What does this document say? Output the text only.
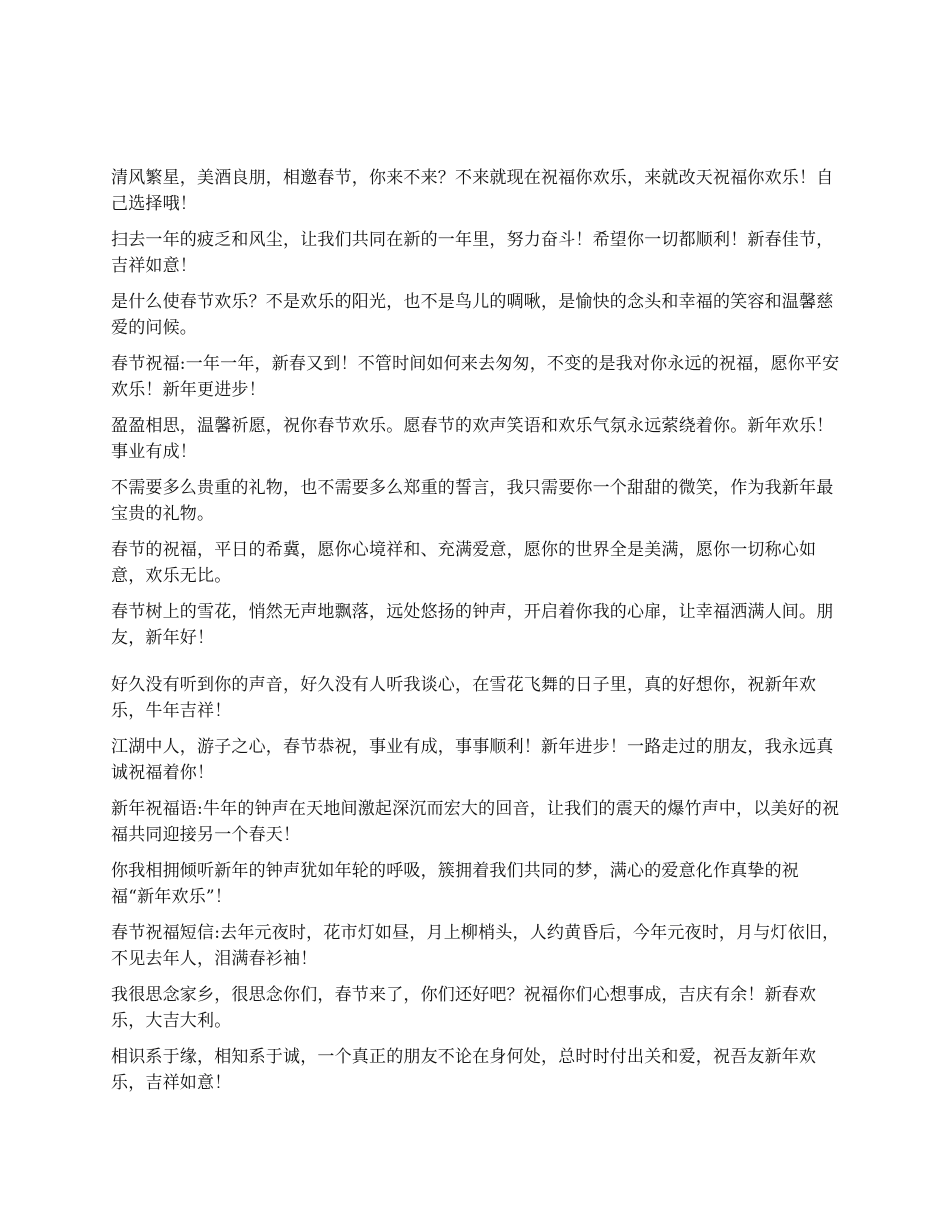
清风繁星，美酒良朋，相邀春节，你来不来？不来就现在祝福你欢乐，来就改天祝福你欢乐！自己选择哦！

扫去一年的疲乏和风尘，让我们共同在新的一年里，努力奋斗！希望你一切都顺利！新春佳节，吉祥如意！

是什么使春节欢乐？不是欢乐的阳光，也不是鸟儿的啁啾，是愉快的念头和幸福的笑容和温馨慈爱的问候。

春节祝福:一年一年，新春又到！不管时间如何来去匆匆，不变的是我对你永远的祝福，愿你平安欢乐！新年更进步！

盈盈相思，温馨祈愿，祝你春节欢乐。愿春节的欢声笑语和欢乐气氛永远萦绕着你。新年欢乐！事业有成！

不需要多么贵重的礼物，也不需要多么郑重的誓言，我只需要你一个甜甜的微笑，作为我新年最宝贵的礼物。

春节的祝福，平日的希冀，愿你心境祥和、充满爱意，愿你的世界全是美满，愿你一切称心如意，欢乐无比。

春节树上的雪花，悄然无声地飘落，远处悠扬的钟声，开启着你我的心扉，让幸福洒满人间。朋友，新年好！

好久没有听到你的声音，好久没有人听我谈心，在雪花飞舞的日子里，真的好想你，祝新年欢乐，牛年吉祥！

江湖中人，游子之心，春节恭祝，事业有成，事事顺利！新年进步！一路走过的朋友，我永远真诚祝福着你！

新年祝福语:牛年的钟声在天地间激起深沉而宏大的回音，让我们的震天的爆竹声中，以美好的祝福共同迎接另一个春天！

你我相拥倾听新年的钟声犹如年轮的呼吸，簇拥着我们共同的梦，满心的爱意化作真挚的祝福“新年欢乐”！

春节祝福短信:去年元夜时，花市灯如昼，月上柳梢头，人约黄昏后，今年元夜时，月与灯依旧，不见去年人，泪满春衫袖！

我很思念家乡，很思念你们，春节来了，你们还好吧？祝福你们心想事成，吉庆有余！新春欢乐，大吉大利。

相识系于缘，相知系于诚，一个真正的朋友不论在身何处，总时时付出关和爱，祝吾友新年欢乐，吉祥如意！
